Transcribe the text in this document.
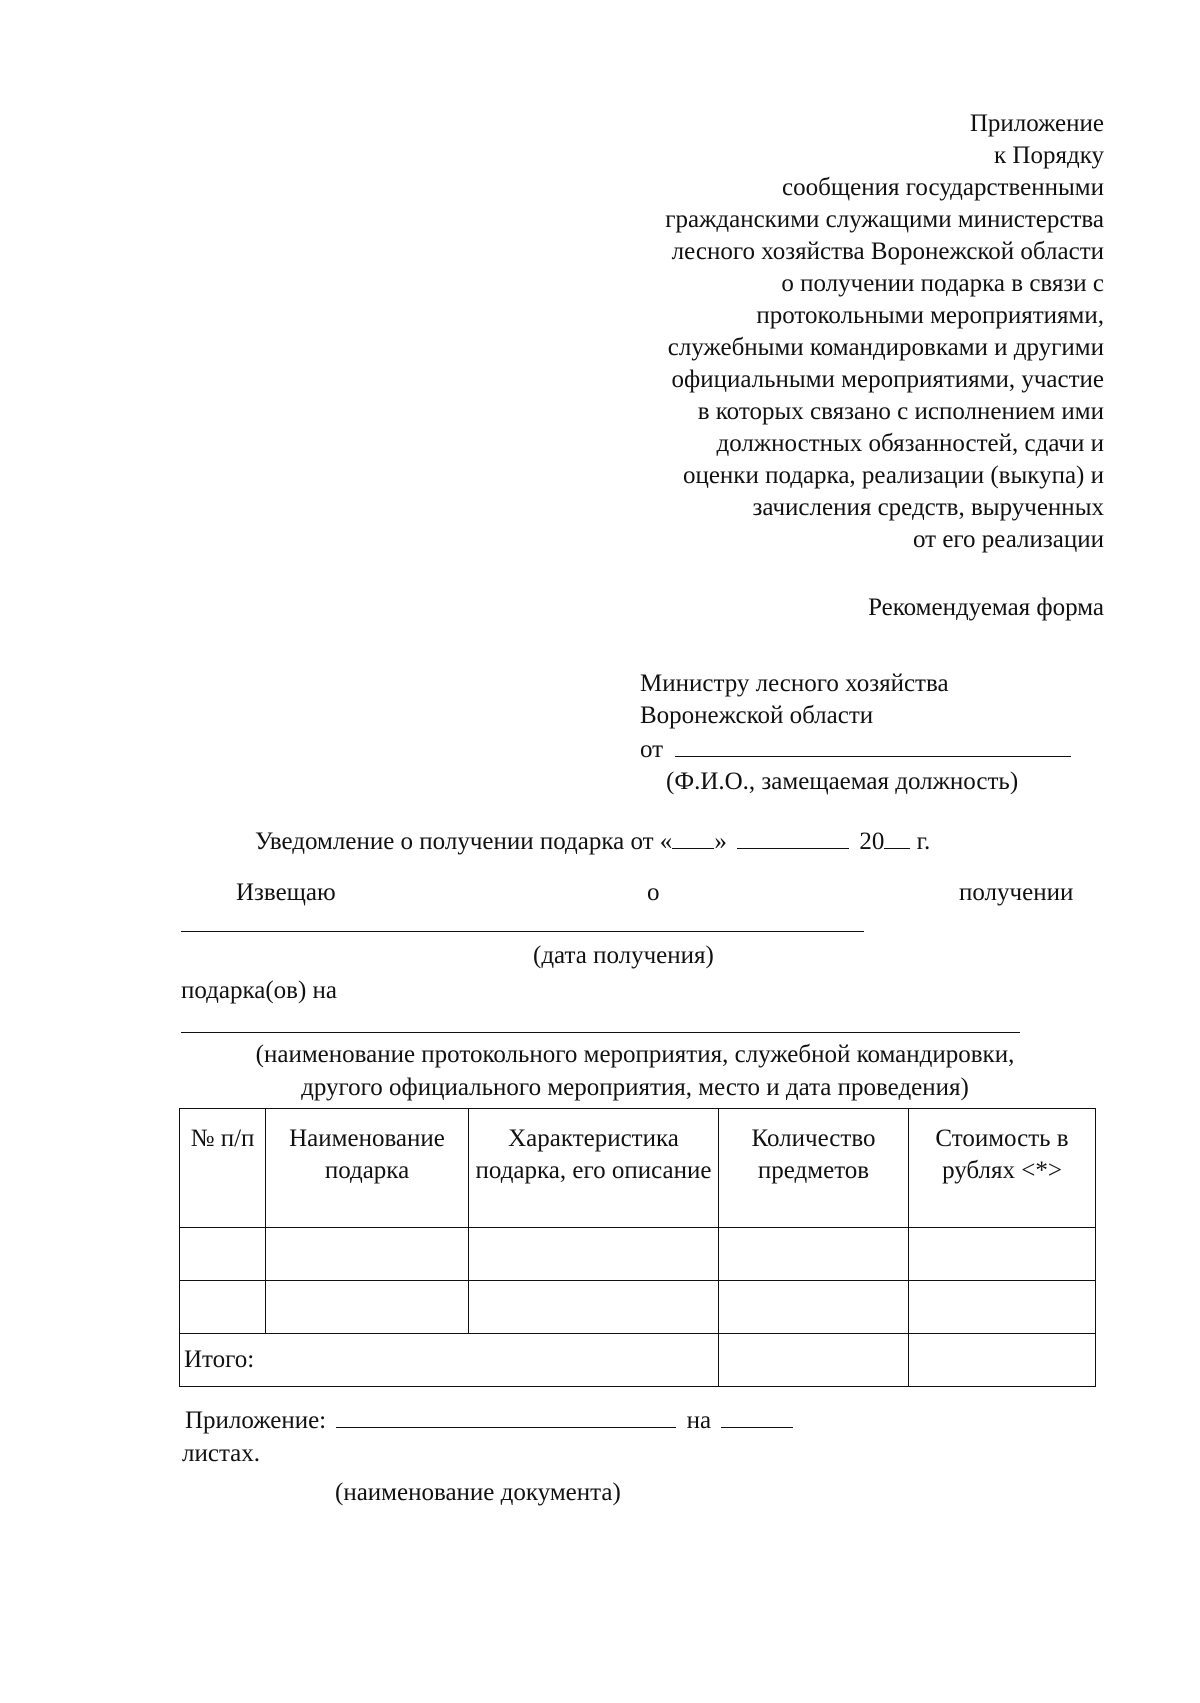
Приложение
к Порядку
сообщения государственными
гражданскими служащими министерства
лесного хозяйства Воронежской области
о получении подарка в связи с
протокольными мероприятиями,
служебными командировками и другими
официальными мероприятиями, участие
в которых связано с исполнением ими
должностных обязанностей, сдачи и
оценки подарка, реализации (выкупа) и
зачисления средств, вырученных
от его реализации
Рекомендуемая форма
Министру лесного хозяйства
Воронежской области
от
(Ф.И.О., замещаемая должность)
Уведомление о получении подарка от « »	20 г.
Извещаю	о	получении
(дата получения)
подарка(ов) на
(наименование протокольного мероприятия, служебной командировки,
другого официального мероприятия, место и дата проведения)
№ п/п	Наименование подарка	Характеристика подарка, его описание	Количество предметов	Стоимость в рублях <*>

Итого:				
Приложение:	на
листах.
(наименование документа)
